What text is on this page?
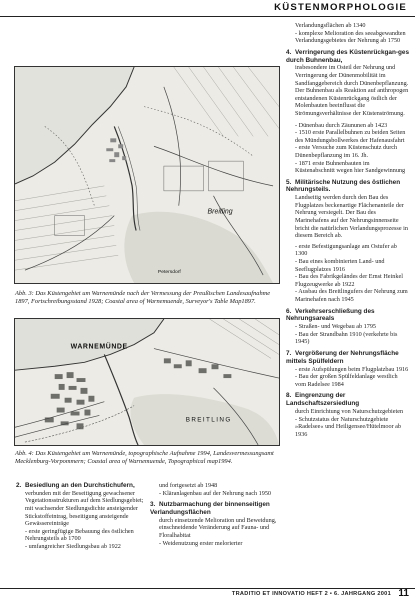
KÜSTENMORPHOLOGIE
Breitling
Petersdorf
Abb. 3: Das Küstengebiet um Warnemünde nach der Vermessung der Preußischen Landesaufnahme 1897, Fortschreibungsstand 1928; Coastal area of Warnemuende, Surveyor's Table Map1897.
WARNEMÜNDE
BREITLING
Abb. 4: Das Küstengebiet um Warnemünde, topographische Aufnahme 1994, Landesvermessungsamt Mecklenburg-Vorpommern; Coastal area of Warnemuende, Topographical map1994.
Verlandungsflächen ab 1340
- komplexe Melioration des seeabgewandten Verlandungsgebietes der Nehrung ab 1750
4. Verringerung des Küstenrückgan-ges durch Buhnenbau,
insbesondere im Osteil der Nehrung und Verringerung der Dünenmobilität im Sandfanggebereich durch Dünenbepflanzung. Der Buhnenbau als Reaktion auf anthropogen entstandenen Küstenrückgang östlich der Molenbauten beeinflusst die Strömungsverhältnisse der Küstenströmung.
- Dünenbau durch Zäununen ab 1423
- 1510 erste Parallelbuhnen zu beiden Seiten des Mündungsbollwerkes der Hafenausfahrt
- erste Versuche zum Küstenschutz durch Dünenbepflanzung im 16. Jh.
- 1871 erste Buhnenbauten im Küstenabschnitt wegen hier Sandgewinnung
5. Militärische Nutzung des östlichen Nehrungsteils.
Landseitig werden durch den Bau des Flugplatzes beckenartige Flächenanteile der Nehrung versiegelt. Der Bau des Marinehafens auf der Nehrungsinnenseite bricht die natürlichen Verlandungsprozesse in diesem Bereich ab.
- erste Befestigungsanlage am Ostufer ab 1300
- Bau eines kombinierten Land- und Seeflugplatzes 1916
- Bau des Fabrikgeländes der Ernst Heinkel Flugzeugwerke ab 1922
- Ausbau des Breitlingufers der Nehrung zum Marinehafen nach 1945
6. Verkehrserschließung des Nehrungsareals
- Straßen- und Wegebau ab 1795
- Bau der Strandbahn 1910 (verkehrte bis 1945)
7. Vergrößerung der Nehrungsfläche mittels Spülfeldern
- erste Aufspülungen beim Flugplatzbau 1916
- Bau der großen Spülfeldanlage westlich vom Radelsee 1984
8. Eingrenzung der Landschaftszersiedlung
durch Einrichtung von Naturschutzgebieten
- Schutzstatus der Naturschutzgebiete »Radelsee« und Heiligensee/Hütelmoor ab 1936
2. Besiedlung an den Durchstichufern,
verbunden mit der Beseitigung gewachsener Vegetationsstrukturen auf dem Siedlungsgebiet; mit wachsender Siedlungsdichte ansteigender Stickstoffeintrag, beseitigung ansteigende Gewässereinträge
- erste geringfügige Bebauung des östlichen Nehrungsteils ab 1700
- umfangreicher Siedlungsbau ab 1922
und fortgesetzt ab 1948
- Kläranlagenbau auf der Nehrung nach 1950
3. Nutzbarmachung der binnenseitigen Verlandungsflächen
durch einsetzende Melioration und Beweidung, einschneidende Veränderung auf Fauna- und Floralhabitat
- Weidenutzung erster melorierter
TRADITIO ET INNOVATIO HEFT 2 • 6. JAHRGANG 2001 11
